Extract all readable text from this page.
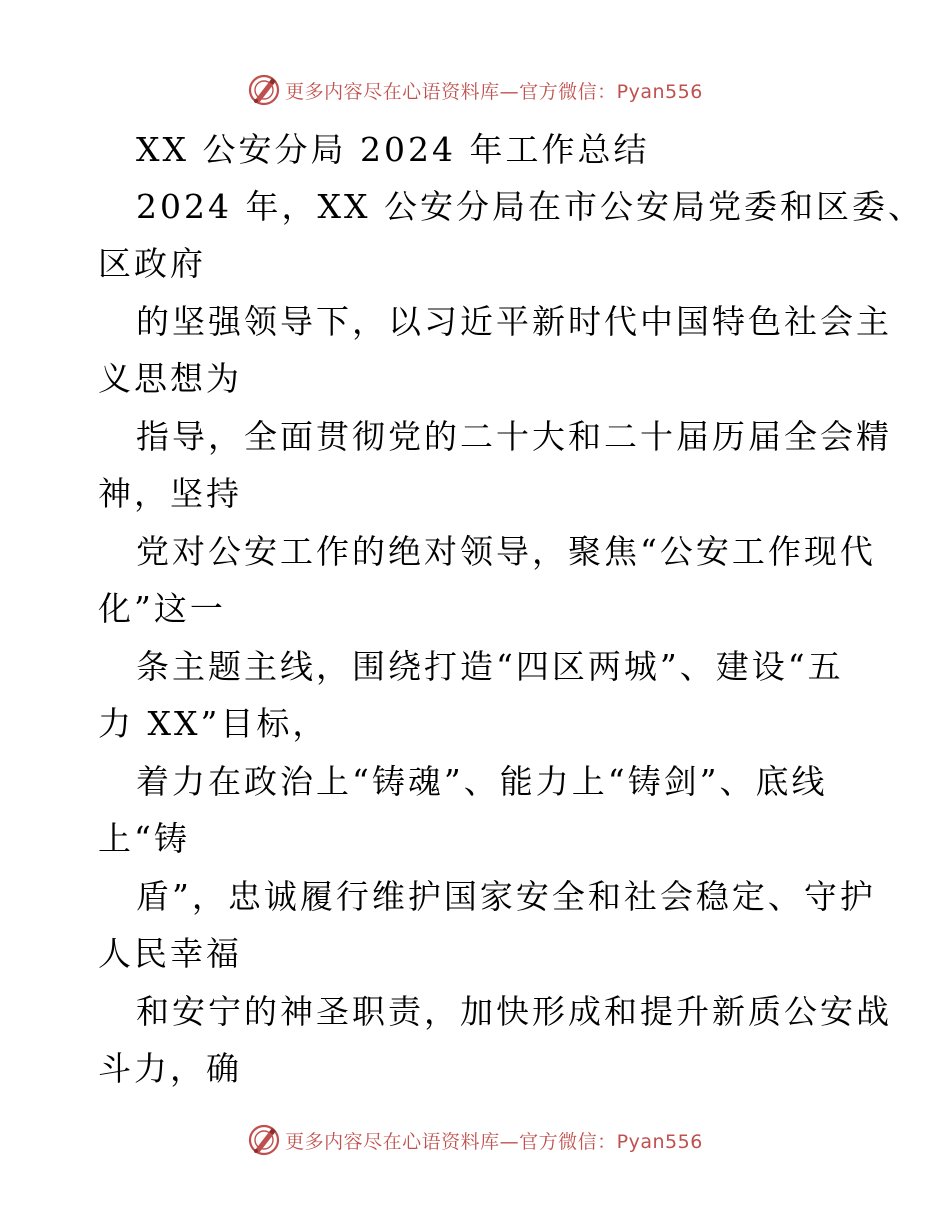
更多内容尽在心语资料库—官方微信：Pyan556
XX 公安分局 2024 年工作总结
2024 年，XX 公安分局在市公安局党委和区委、
区政府
的坚强领导下，以习近平新时代中国特色社会主
义思想为
指导，全面贯彻党的二十大和二十届历届全会精
神，坚持
党对公安工作的绝对领导，聚焦“公安工作现代
化”这一
条主题主线，围绕打造“四区两城”、建设“五
力 XX”目标，
着力在政治上“铸魂”、能力上“铸剑”、底线
上“铸
盾”，忠诚履行维护国家安全和社会稳定、守护
人民幸福
和安宁的神圣职责，加快形成和提升新质公安战
斗力，确
更多内容尽在心语资料库—官方微信：Pyan556
